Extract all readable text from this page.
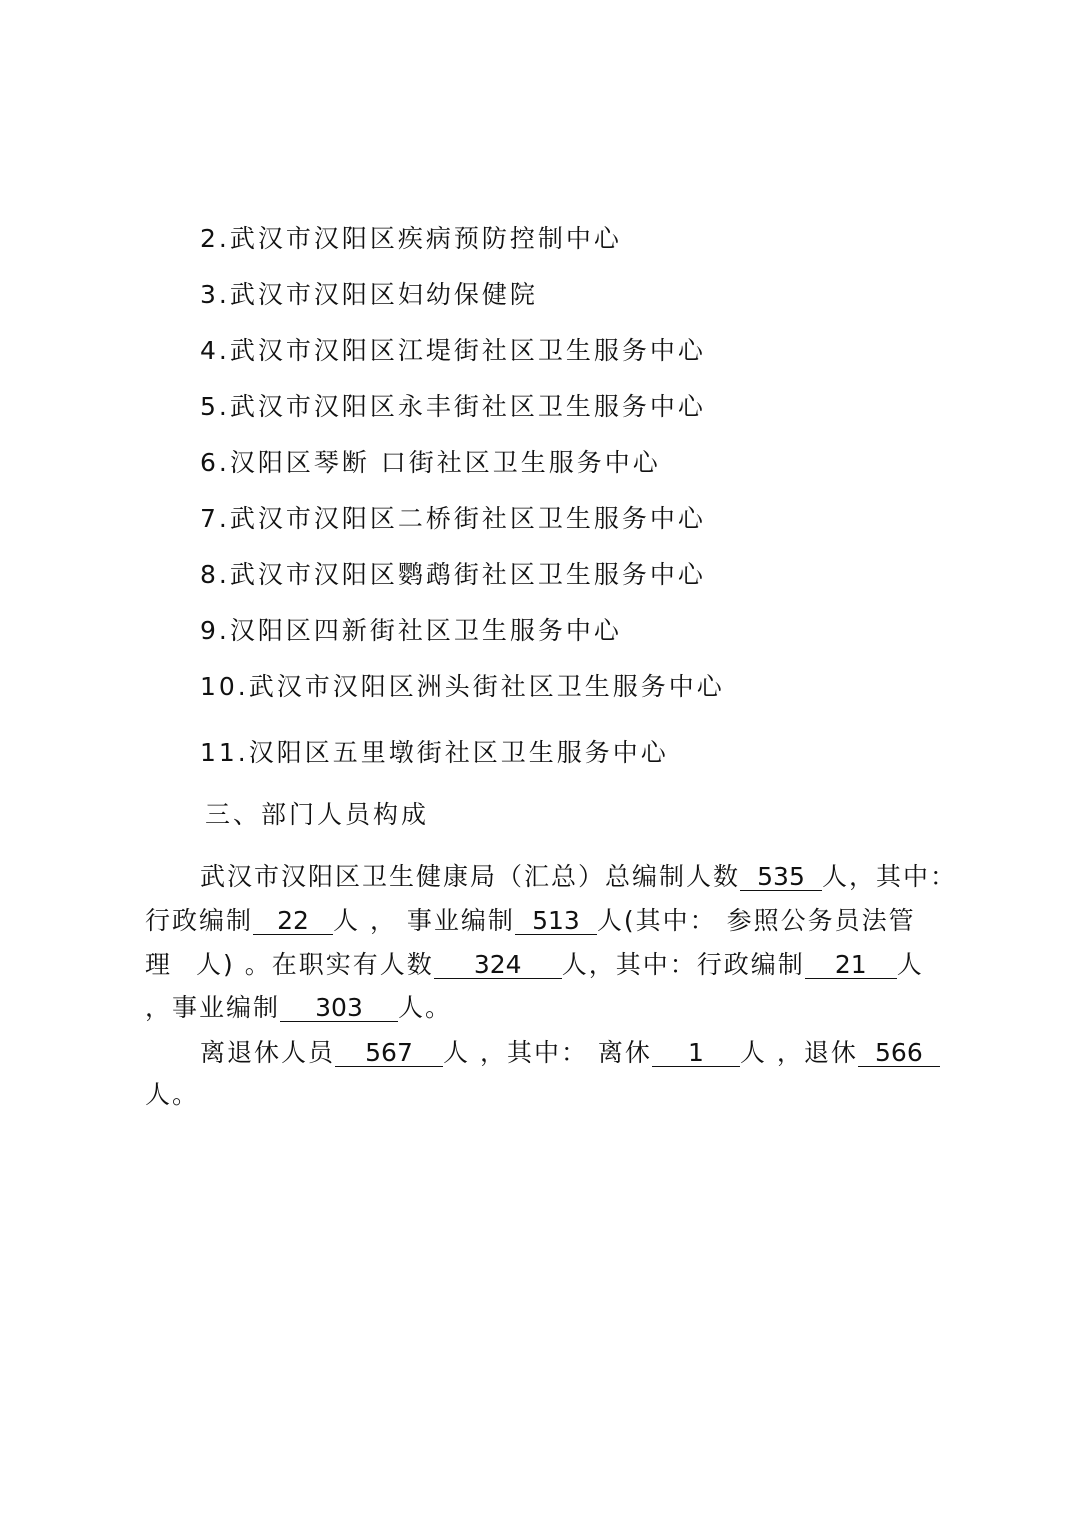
2.武汉市汉阳区疾病预防控制中心
3.武汉市汉阳区妇幼保健院
4.武汉市汉阳区江堤街社区卫生服务中心
5.武汉市汉阳区永丰街社区卫生服务中心
6.汉阳区琴断 口街社区卫生服务中心
7.武汉市汉阳区二桥街社区卫生服务中心
8.武汉市汉阳区鹦鹉街社区卫生服务中心
9.汉阳区四新街社区卫生服务中心
10.武汉市汉阳区洲头街社区卫生服务中心
11.汉阳区五里墩街社区卫生服务中心
三、部门人员构成
武汉市汉阳区卫生健康局（汇总）总编制人数 535 人，其中：
行政编制 22 人 ， 事业编制 513 人(其中： 参照公务员法管
理 人) 。在职实有人数 324 人，其中：行政编制 21 人
，事业编制 303 人。
离退休人员 567 人 ，其中： 离休 1 人 ，退休 566
人。
